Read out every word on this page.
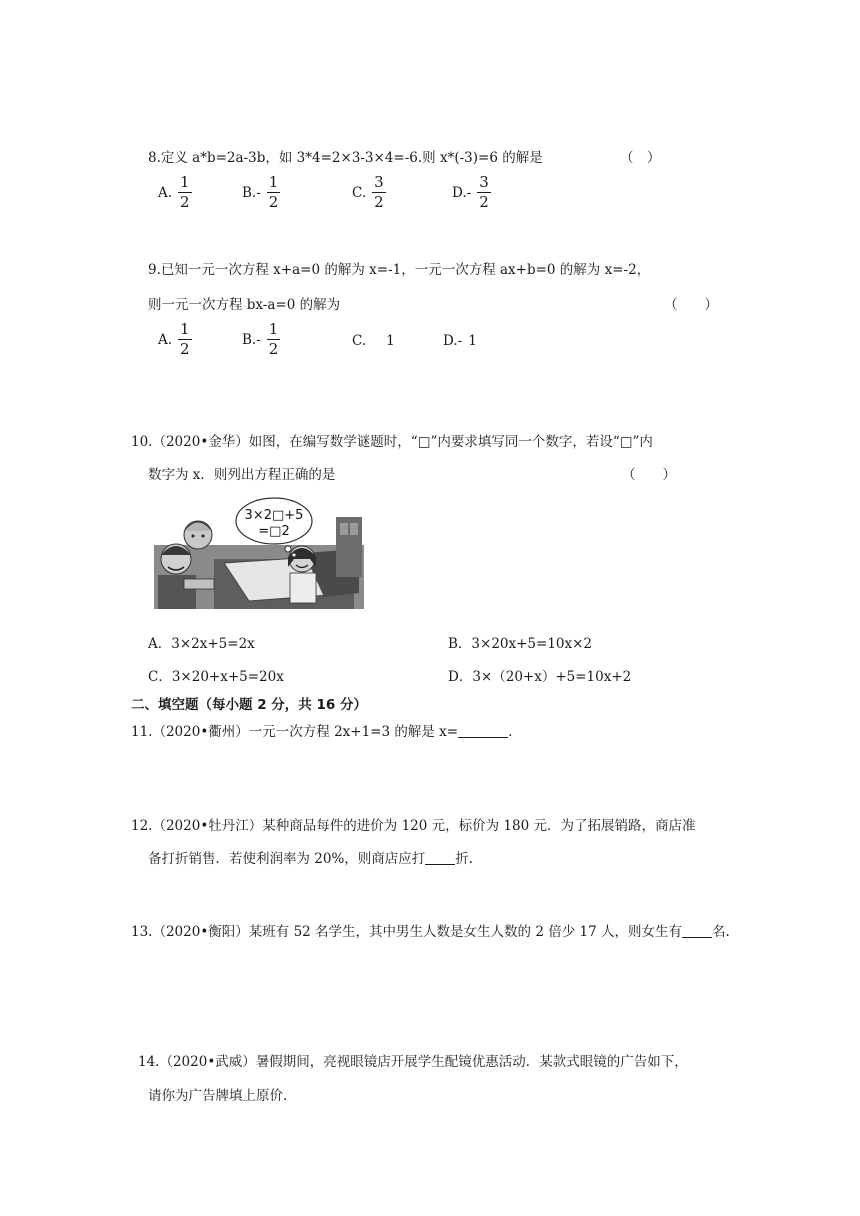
8.定义 a*b=2a-3b，如 3*4=2×3-3×4=-6.则 x*(-3)=6 的解是	（　）
A. $\frac{1}{2}$	$B.- \frac{1}{2}$	C. $\frac{3}{2}$	$D.- \frac{3}{2}$
9.已知一元一次方程 x+a=0 的解为 x=-1，一元一次方程 ax+b=0 的解为 x=-2，
则一元一次方程 bx-a=0 的解为	（　　）
A. $\frac{1}{2}$	$B.- \frac{1}{2}$	C. 1	D.- 1
10.（2020•金华）如图，在编写数学谜题时，“□”内要求填写同一个数字，若设“□”内
数字为 x．则列出方程正确的是	（　　）
3×2□+5
=□2
A．3×2x+5=2x	B．3×20x+5=10x×2
C．3×20+x+5=20x	D．3×（20+x）+5=10x+2
二、填空题（每小题 2 分，共 16 分）
11.（2020•衢州）一元一次方程 2x+1=3 的解是 x=	.
12.（2020•牡丹江）某种商品每件的进价为 120 元，标价为 180 元．为了拓展销路，商店准
备打折销售．若使利润率为 20%，则商店应打 折.
13.（2020•衡阳）某班有 52 名学生，其中男生人数是女生人数的 2 倍少 17 人，则女生有 名.
14.（2020•武威）暑假期间，亮视眼镜店开展学生配镜优惠活动．某款式眼镜的广告如下，
请你为广告牌填上原价.
